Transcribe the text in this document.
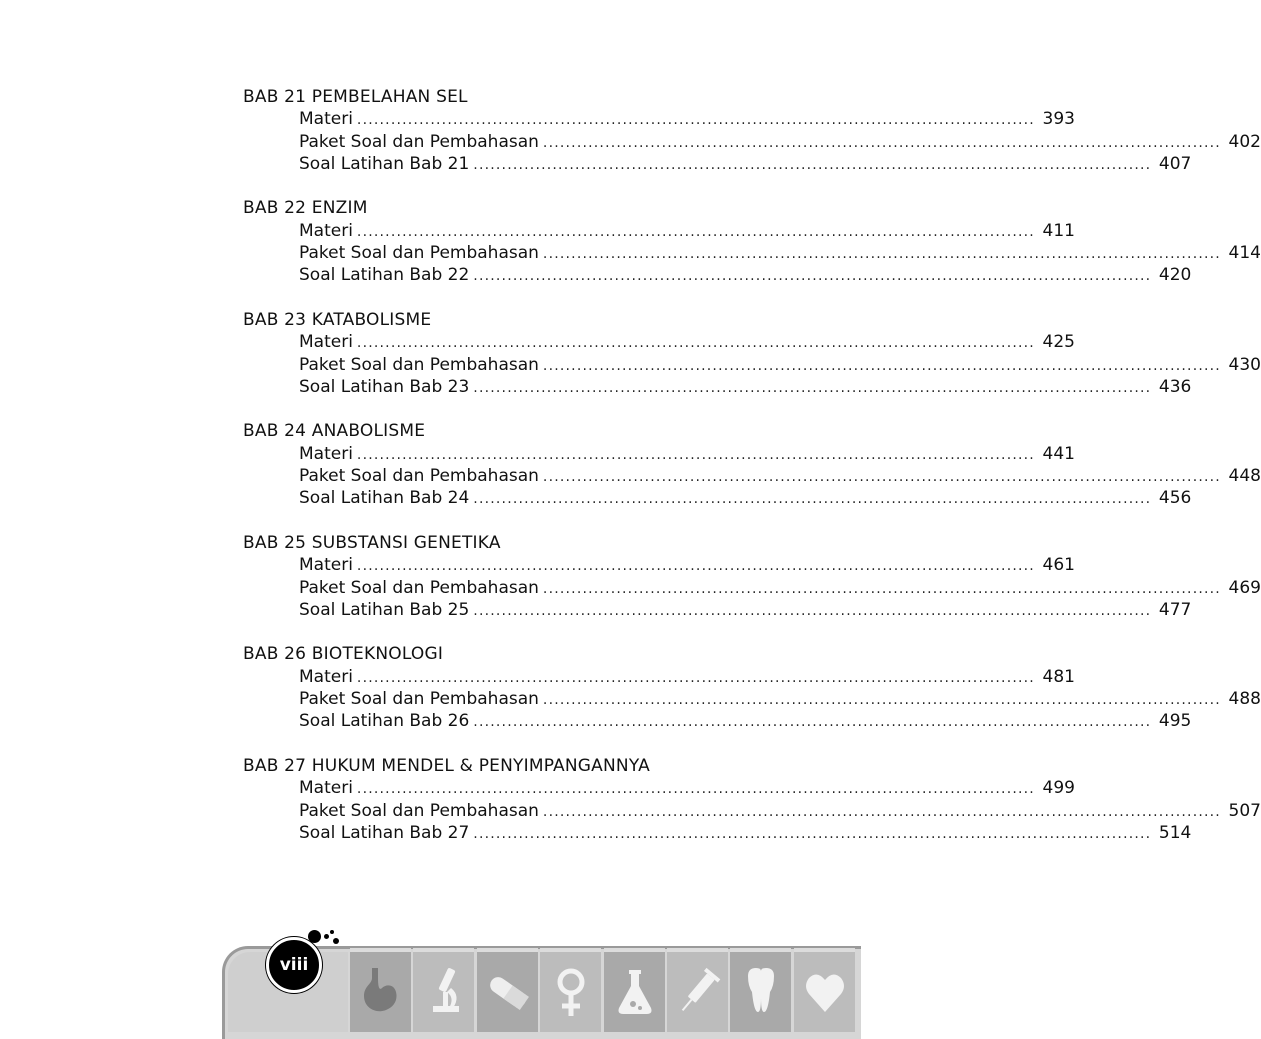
BAB 21 PEMBELAHAN SEL
Materi ........................................................................................................................ 393
Paket Soal dan Pembahasan ........................................................................................................................ 402
Soal Latihan Bab 21 ........................................................................................................................ 407
BAB 22 ENZIM
Materi ........................................................................................................................ 411
Paket Soal dan Pembahasan ........................................................................................................................ 414
Soal Latihan Bab 22 ........................................................................................................................ 420
BAB 23 KATABOLISME
Materi ........................................................................................................................ 425
Paket Soal dan Pembahasan ........................................................................................................................ 430
Soal Latihan Bab 23 ........................................................................................................................ 436
BAB 24 ANABOLISME
Materi ........................................................................................................................ 441
Paket Soal dan Pembahasan ........................................................................................................................ 448
Soal Latihan Bab 24 ........................................................................................................................ 456
BAB 25 SUBSTANSI GENETIKA
Materi ........................................................................................................................ 461
Paket Soal dan Pembahasan ........................................................................................................................ 469
Soal Latihan Bab 25 ........................................................................................................................ 477
BAB 26 BIOTEKNOLOGI
Materi ........................................................................................................................ 481
Paket Soal dan Pembahasan ........................................................................................................................ 488
Soal Latihan Bab 26 ........................................................................................................................ 495
BAB 27 HUKUM MENDEL & PENYIMPANGANNYA
Materi ........................................................................................................................ 499
Paket Soal dan Pembahasan ........................................................................................................................ 507
Soal Latihan Bab 27 ........................................................................................................................ 514
viii
